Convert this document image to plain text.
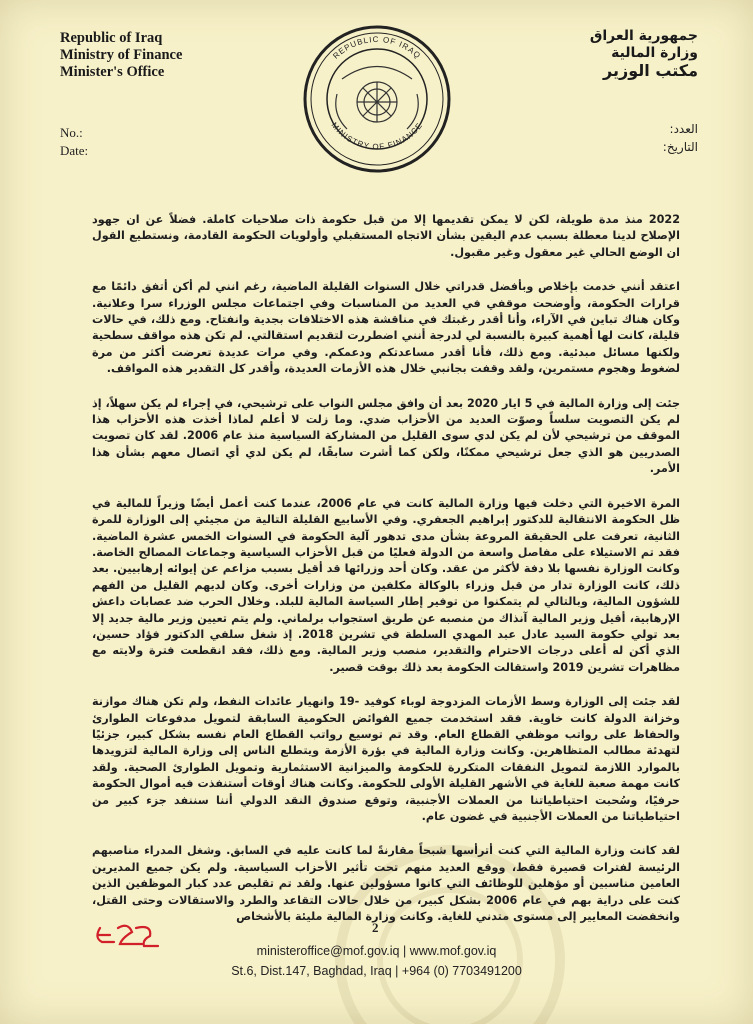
Republic of Iraq
Ministry of Finance
Minister's Office
MINISTRY OF FINANCE
REPUBLIC OF IRAQ
جمهورية العراق
وزارة المالية
مكتب الوزير
No.:
Date:
العدد:
التاريخ:

2022 منذ مدة طويلة، لكن لا يمكن تقديمها إلا من قبل حكومة ذات صلاحيات كاملة. فضلاً عن ان جهود الإصلاح لدينا معطلة بسبب عدم اليقين بشأن الاتجاه المستقبلي وأولويات الحكومة القادمة، ونستطيع القول ان الوضع الحالي غير معقول وغير مقبول.

اعتقد أنني خدمت بإخلاص وبأفضل قدراتي خلال السنوات القليلة الماضية، رغم انني لم أكن أتفق دائمًا مع قرارات الحكومة، وأوضحت موقفي في العديد من المناسبات وفي اجتماعات مجلس الوزراء سرا وعلانية. وكان هناك تباين في الآراء، وأنا أقدر رغبتك في مناقشة هذه الاختلافات بجدية وانفتاح. ومع ذلك، في حالات قليلة، كانت لها أهمية كبيرة بالنسبة لي لدرجة أنني اضطررت لتقديم استقالتي. لم تكن هذه مواقف سطحية ولكنها مسائل مبدئية. ومع ذلك، فأنا أقدر مساعدتكم ودعمكم. وفي مرات عديدة تعرضت أكثر من مرة لضغوط وهجوم مستمرين، ولقد وقفت بجانبي خلال هذه الأزمات العديدة، وأقدر كل التقدير هذه المواقف.

جئت إلى وزارة المالية في 5 ايار 2020 بعد أن وافق مجلس النواب على ترشيحي، في إجراء لم يكن سهلاً، إذ لم يكن التصويت سلساً وصوّت العديد من الأحزاب ضدي. وما زلت لا أعلم لماذا أخذت هذه الأحزاب هذا الموقف من ترشيحي لأن لم يكن لدي سوى القليل من المشاركة السياسية منذ عام 2006. لقد كان تصويت الصدريين هو الذي جعل ترشيحي ممكنًا، ولكن كما أشرت سابقًا، لم يكن لدي أي اتصال معهم بشأن هذا الأمر.

المرة الاخيرة التي دخلت فيها وزارة المالية كانت في عام 2006، عندما كنت أعمل أيضًا وزيراً للمالية في ظل الحكومة الانتقالية للدكتور إبراهيم الجعفري. وفي الأسابيع القليلة التالية من مجيئي إلى الوزارة للمرة الثانية، تعرفت على الحقيقة المروعة بشأن مدى تدهور آلية الحكومة في السنوات الخمس عشرة الماضية. فقد تم الاستيلاء على مفاصل واسعة من الدولة فعليًا من قبل الأحزاب السياسية وجماعات المصالح الخاصة. وكانت الوزارة نفسها بلا دفة لأكثر من عقد. وكان أحد وزرائها قد أقيل بسبب مزاعم عن إيوائه إرهابيين. بعد ذلك، كانت الوزارة تدار من قبل وزراء بالوكالة مكلفين من وزارات أخرى. وكان لديهم القليل من الفهم للشؤون المالية، وبالتالي لم يتمكنوا من توفير إطار السياسة المالية للبلد. وخلال الحرب ضد عصابات داعش الإرهابية، أقيل وزير المالية آنذاك من منصبه عن طريق استجواب برلماني. ولم يتم تعيين وزير مالية جديد إلا بعد تولي حكومة السيد عادل عبد المهدي السلطة في تشرين 2018. إذ شغل سلفي الدكتور فؤاد حسين، الذي أكن له أعلى درجات الاحترام والتقدير، منصب وزير المالية. ومع ذلك، فقد انقطعت فترة ولايته مع مظاهرات تشرين 2019 واستقالت الحكومة بعد ذلك بوقت قصير.

لقد جئت إلى الوزارة وسط الأزمات المزدوجة لوباء كوفيد -19 وانهيار عائدات النفط، ولم تكن هناك موازنة وخزانة الدولة كانت خاوية. فقد استخدمت جميع الفوائض الحكومية السابقة لتمويل مدفوعات الطوارئ والحفاظ على رواتب موظفي القطاع العام. وقد تم توسيع رواتب القطاع العام نفسه بشكل كبير، جزئيًا لتهدئة مطالب المتظاهرين. وكانت وزارة المالية في بؤرة الأزمة ويتطلع الناس إلى وزارة المالية لتزويدها بالموارد اللازمة لتمويل النفقات المتكررة للحكومة والميزانية الاستثمارية وتمويل الطوارئ الصحية. ولقد كانت مهمة صعبة للغاية في الأشهر القليلة الأولى للحكومة. وكانت هناك أوقات أستنفذت فيه أموال الحكومة حرفيًا، وسُحبت احتياطياتنا من العملات الأجنبية، وتوقع صندوق النقد الدولي أننا سننفد جزء كبير من احتياطياتنا من العملات الأجنبية في غضون عام.

لقد كانت وزارة المالية التي كنت أترأسها شبحاً مقارنةً لما كانت عليه في السابق. وشغل المدراء مناصبهم الرئيسة لفترات قصيرة فقط، ووقع العديد منهم تحت تأثير الأحزاب السياسية. ولم يكن جميع المديرين العامين مناسبين أو مؤهلين للوظائف التي كانوا مسؤولين عنها. ولقد تم تقليص عدد كبار الموظفين الذين كنت على دراية بهم في عام 2006 بشكل كبير، من خلال حالات التقاعد والطرد والاستقالات وحتى القتل، وانخفضت المعايير إلى مستوى متدني للغاية. وكانت وزارة المالية مليئة بالأشخاص

2
ministeroffice@mof.gov.iq | www.mof.gov.iq
St.6, Dist.147, Baghdad, Iraq | +964 (0) 7703491200
